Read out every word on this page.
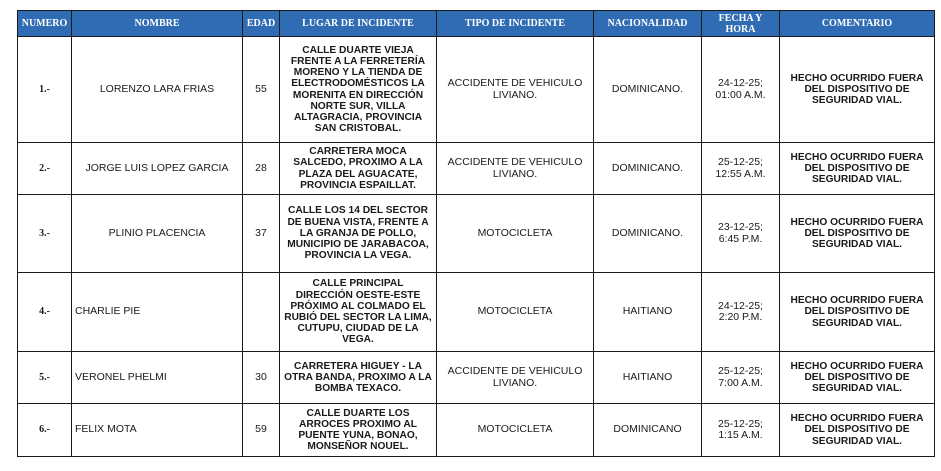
NUMERO	NOMBRE	EDAD	LUGAR DE INCIDENTE	TIPO DE INCIDENTE	NACIONALIDAD	FECHA Y
HORA	COMENTARIO
1.-	LORENZO LARA FRIAS	55	CALLE DUARTE VIEJA FRENTE A LA FERRETERÍA MORENO Y LA TIENDA DE ELECTRODOMÉSTICOS LA MORENITA EN DIRECCIÓN NORTE SUR, VILLA ALTAGRACIA, PROVINCIA SAN CRISTOBAL.	ACCIDENTE DE VEHICULO LIVIANO.	DOMINICANO.	24-12-25;
01:00 A.M.	HECHO OCURRIDO FUERA DEL DISPOSITIVO DE SEGURIDAD VIAL.
2.-	JORGE LUIS LOPEZ GARCIA	28	CARRETERA MOCA SALCEDO, PROXIMO A LA PLAZA DEL AGUACATE, PROVINCIA ESPAILLAT.	ACCIDENTE DE VEHICULO LIVIANO.	DOMINICANO.	25-12-25;
12:55 A.M.	HECHO OCURRIDO FUERA DEL DISPOSITIVO DE SEGURIDAD VIAL.
3.-	PLINIO PLACENCIA	37	CALLE LOS 14 DEL SECTOR DE BUENA VISTA, FRENTE A LA GRANJA DE POLLO, MUNICIPIO DE JARABACOA, PROVINCIA LA VEGA.	MOTOCICLETA	DOMINICANO.	23-12-25;
6:45 P.M.	HECHO OCURRIDO FUERA DEL DISPOSITIVO DE SEGURIDAD VIAL.
4.-	CHARLIE PIE		CALLE PRINCIPAL DIRECCIÓN OESTE-ESTE PRÓXIMO AL COLMADO EL RUBIÓ DEL SECTOR LA LIMA, CUTUPU, CIUDAD DE LA VEGA.	MOTOCICLETA	HAITIANO	24-12-25;
2:20 P.M.	HECHO OCURRIDO FUERA DEL DISPOSITIVO DE SEGURIDAD VIAL.
5.-	VERONEL PHELMI	30	CARRETERA HIGUEY - LA OTRA BANDA, PROXIMO A LA BOMBA TEXACO.	ACCIDENTE DE VEHICULO LIVIANO.	HAITIANO	25-12-25;
7:00 A.M.	HECHO OCURRIDO FUERA DEL DISPOSITIVO DE SEGURIDAD VIAL.
6.-	FELIX MOTA	59	CALLE DUARTE LOS ARROCES PROXIMO AL PUENTE YUNA, BONAO, MONSEÑOR NOUEL.	MOTOCICLETA	DOMINICANO	25-12-25;
1:15 A.M.	HECHO OCURRIDO FUERA DEL DISPOSITIVO DE SEGURIDAD VIAL.
